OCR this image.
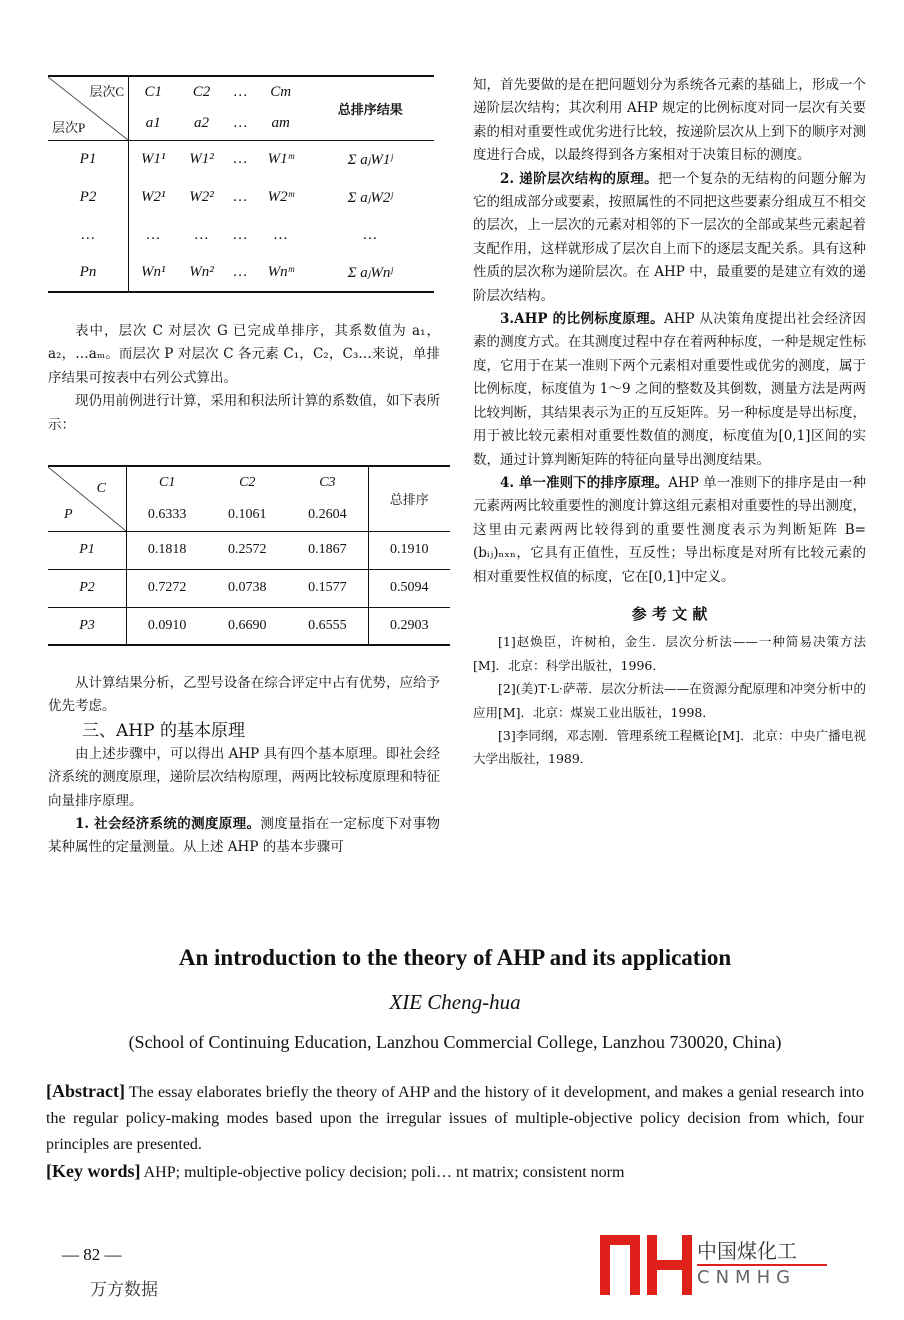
层次C
层次P	C1	C2	…	Cm	总排序结果
	a1	a2	…	am	
P1	W1¹	W1²	…	W1ᵐ	Σ aⱼW1ʲ
P2	W2¹	W2²	…	W2ᵐ	Σ aⱼW2ʲ
…	…	…	…	…	…
Pn	Wn¹	Wn²	…	Wnᵐ	Σ aⱼWnʲ

表中，层次 C 对层次 G 已完成单排序，其系数值为 a₁，a₂，…aₘ。而层次 P 对层次 C 各元素 C₁，C₂，C₃…来说，单排序结果可按表中右列公式算出。

现仍用前例进行计算，采用和积法所计算的系数值，如下表所示：

C
P	C1	C2	C3	总排序
	0.6333	0.1061	0.2604	
P1	0.1818	0.2572	0.1867	0.1910
P2	0.7272	0.0738	0.1577	0.5094
P3	0.0910	0.6690	0.6555	0.2903

从计算结果分析，乙型号设备在综合评定中占有优势，应给予优先考虑。

三、AHP 的基本原理

由上述步骤中，可以得出 AHP 具有四个基本原理。即社会经济系统的测度原理，递阶层次结构原理，两两比较标度原理和特征向量排序原理。

1. 社会经济系统的测度原理。测度量指在一定标度下对事物某种属性的定量测量。从上述 AHP 的基本步骤可

知，首先要做的是在把问题划分为系统各元素的基础上，形成一个递阶层次结构；其次利用 AHP 规定的比例标度对同一层次有关要素的相对重要性或优劣进行比较，按递阶层次从上到下的顺序对测度进行合成，以最终得到各方案相对于决策目标的测度。

2. 递阶层次结构的原理。把一个复杂的无结构的问题分解为它的组成部分或要素，按照属性的不同把这些要素分组成互不相交的层次，上一层次的元素对相邻的下一层次的全部或某些元素起着支配作用，这样就形成了层次自上而下的逐层支配关系。具有这种性质的层次称为递阶层次。在 AHP 中，最重要的是建立有效的递阶层次结构。

3.AHP 的比例标度原理。AHP 从决策角度提出社会经济因素的测度方式。在其测度过程中存在着两种标度，一种是规定性标度，它用于在某一准则下两个元素相对重要性或优劣的测度，属于比例标度，标度值为 1～9 之间的整数及其倒数，测量方法是两两比较判断，其结果表示为正的互反矩阵。另一种标度是导出标度，用于被比较元素相对重要性数值的测度，标度值为[0,1]区间的实数，通过计算判断矩阵的特征向量导出测度结果。

4. 单一准则下的排序原理。AHP 单一准则下的排序是由一种元素两两比较重要性的测度计算这组元素相对重要性的导出测度，这里由元素两两比较得到的重要性测度表示为判断矩阵 B=(bᵢⱼ)ₙₓₙ，它具有正值性，互反性；导出标度是对所有比较元素的相对重要性权值的标度，它在[0,1]中定义。

参 考 文 献

[1]赵焕臣，许树柏，金生．层次分析法——一种简易决策方法[M]．北京：科学出版社，1996．

[2](美)T·L·萨蒂．层次分析法——在资源分配原理和冲突分析中的应用[M]．北京：煤炭工业出版社，1998．

[3]李同纲，邓志刚．管理系统工程概论[M]．北京：中央广播电视大学出版社，1989．

An introduction to the theory of AHP and its application
XIE Cheng-hua
(School of Continuing Education, Lanzhou Commercial College, Lanzhou 730020, China)
[Abstract] The essay elaborates briefly the theory of AHP and the history of it development, and makes a genial research into the regular policy-making modes based upon the irregular issues of multiple-objective policy decision from which, four principles are presented.
[Key words] AHP; multiple-objective policy decision; poli… nt matrix; consistent norm
中国煤化工
CNMHG
— 82 —
万方数据
